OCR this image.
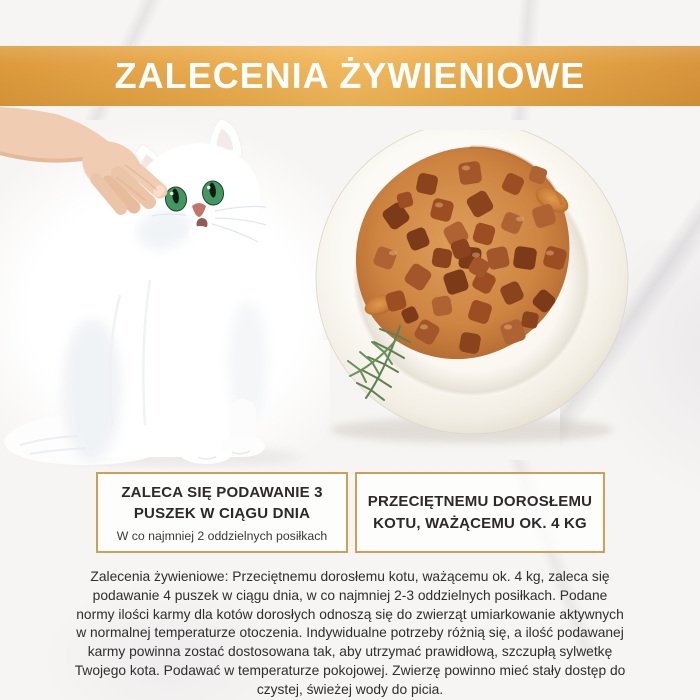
ZALECENIA ŻYWIENIOWE
ZALECA SIĘ PODAWANIE 3
PUSZEK W CIĄGU DNIA
W co najmniej 2 oddzielnych posiłkach
PRZECIĘTNEMU DOROSŁEMU
KOTU, WAŻĄCEMU OK. 4 KG

Zalecenia żywieniowe: Przeciętnemu dorosłemu kotu, ważącemu ok. 4 kg, zaleca się podawanie 4 puszek w ciągu dnia, w co najmniej 2-3 oddzielnych posiłkach. Podane normy ilości karmy dla kotów dorosłych odnoszą się do zwierząt umiarkowanie aktywnych w normalnej temperaturze otoczenia. Indywidualne potrzeby różnią się, a ilość podawanej karmy powinna zostać dostosowana tak, aby utrzymać prawidłową, szczupłą sylwetkę Twojego kota. Podawać w temperaturze pokojowej. Zwierzę powinno mieć stały dostęp do czystej, świeżej wody do picia.
